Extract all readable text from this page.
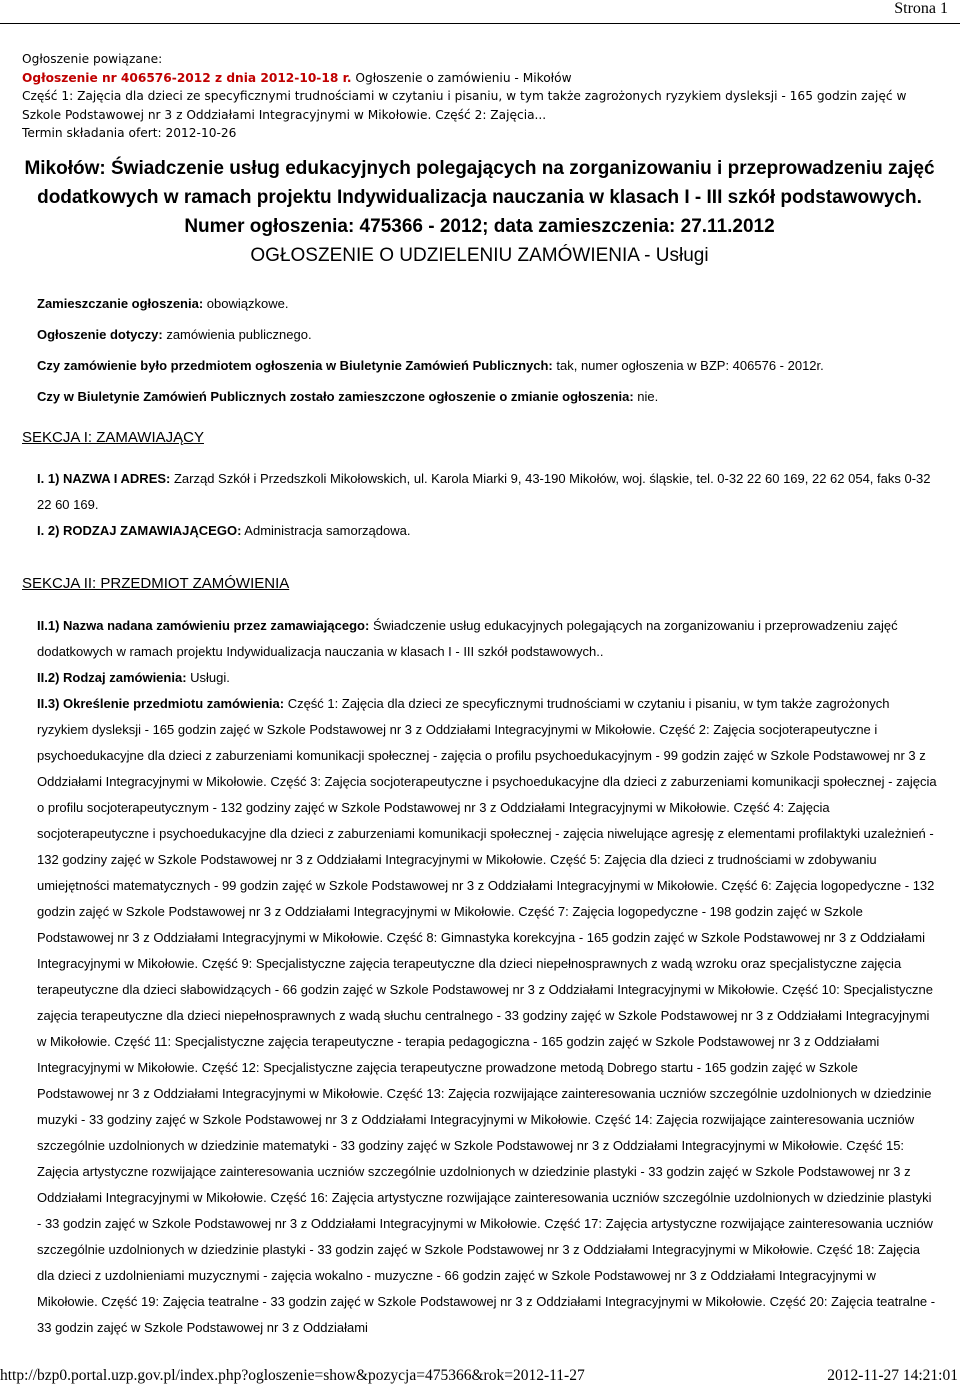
Strona 1
Ogłoszenie powiązane:
Ogłoszenie nr 406576-2012 z dnia 2012-10-18 r. Ogłoszenie o zamówieniu - Mikołów
Część 1: Zajęcia dla dzieci ze specyficznymi trudnościami w czytaniu i pisaniu, w tym także zagrożonych ryzykiem dysleksji - 165 godzin zajęć w Szkole Podstawowej nr 3 z Oddziałami Integracyjnymi w Mikołowie. Część 2: Zajęcia...
Termin składania ofert: 2012-10-26
Mikołów: Świadczenie usług edukacyjnych polegających na zorganizowaniu i przeprowadzeniu zajęć dodatkowych w ramach projektu Indywidualizacja nauczania w klasach I - III szkół podstawowych.
Numer ogłoszenia: 475366 - 2012; data zamieszczenia: 27.11.2012
OGŁOSZENIE O UDZIELENIU ZAMÓWIENIA - Usługi

Zamieszczanie ogłoszenia: obowiązkowe.

Ogłoszenie dotyczy: zamówienia publicznego.

Czy zamówienie było przedmiotem ogłoszenia w Biuletynie Zamówień Publicznych: tak, numer ogłoszenia w BZP: 406576 - 2012r.

Czy w Biuletynie Zamówień Publicznych zostało zamieszczone ogłoszenie o zmianie ogłoszenia: nie.

SEKCJA I: ZAMAWIAJĄCY

I. 1) NAZWA I ADRES: Zarząd Szkół i Przedszkoli Mikołowskich, ul. Karola Miarki 9, 43-190 Mikołów, woj. śląskie, tel. 0-32 22 60 169, 22 62 054, faks 0-32 22 60 169.

I. 2) RODZAJ ZAMAWIAJĄCEGO: Administracja samorządowa.

SEKCJA II: PRZEDMIOT ZAMÓWIENIA

II.1) Nazwa nadana zamówieniu przez zamawiającego: Świadczenie usług edukacyjnych polegających na zorganizowaniu i przeprowadzeniu zajęć dodatkowych w ramach projektu Indywidualizacja nauczania w klasach I - III szkół podstawowych..

II.2) Rodzaj zamówienia: Usługi.

II.3) Określenie przedmiotu zamówienia: Część 1: Zajęcia dla dzieci ze specyficznymi trudnościami w czytaniu i pisaniu, w tym także zagrożonych ryzykiem dysleksji - 165 godzin zajęć w Szkole Podstawowej nr 3 z Oddziałami Integracyjnymi w Mikołowie. Część 2: Zajęcia socjoterapeutyczne i psychoedukacyjne dla dzieci z zaburzeniami komunikacji społecznej - zajęcia o profilu psychoedukacyjnym - 99 godzin zajęć w Szkole Podstawowej nr 3 z Oddziałami Integracyjnymi w Mikołowie. Część 3: Zajęcia socjoterapeutyczne i psychoedukacyjne dla dzieci z zaburzeniami komunikacji społecznej - zajęcia o profilu socjoterapeutycznym - 132 godziny zajęć w Szkole Podstawowej nr 3 z Oddziałami Integracyjnymi w Mikołowie. Część 4: Zajęcia socjoterapeutyczne i psychoedukacyjne dla dzieci z zaburzeniami komunikacji społecznej - zajęcia niwelujące agresję z elementami profilaktyki uzależnień - 132 godziny zajęć w Szkole Podstawowej nr 3 z Oddziałami Integracyjnymi w Mikołowie. Część 5: Zajęcia dla dzieci z trudnościami w zdobywaniu umiejętności matematycznych - 99 godzin zajęć w Szkole Podstawowej nr 3 z Oddziałami Integracyjnymi w Mikołowie. Część 6: Zajęcia logopedyczne - 132 godzin zajęć w Szkole Podstawowej nr 3 z Oddziałami Integracyjnymi w Mikołowie. Część 7: Zajęcia logopedyczne - 198 godzin zajęć w Szkole Podstawowej nr 3 z Oddziałami Integracyjnymi w Mikołowie. Część 8: Gimnastyka korekcyjna - 165 godzin zajęć w Szkole Podstawowej nr 3 z Oddziałami Integracyjnymi w Mikołowie. Część 9: Specjalistyczne zajęcia terapeutyczne dla dzieci niepełnosprawnych z wadą wzroku oraz specjalistyczne zajęcia terapeutyczne dla dzieci słabowidzących - 66 godzin zajęć w Szkole Podstawowej nr 3 z Oddziałami Integracyjnymi w Mikołowie. Część 10: Specjalistyczne zajęcia terapeutyczne dla dzieci niepełnosprawnych z wadą słuchu centralnego - 33 godziny zajęć w Szkole Podstawowej nr 3 z Oddziałami Integracyjnymi w Mikołowie. Część 11: Specjalistyczne zajęcia terapeutyczne - terapia pedagogiczna - 165 godzin zajęć w Szkole Podstawowej nr 3 z Oddziałami Integracyjnymi w Mikołowie. Część 12: Specjalistyczne zajęcia terapeutyczne prowadzone metodą Dobrego startu - 165 godzin zajęć w Szkole Podstawowej nr 3 z Oddziałami Integracyjnymi w Mikołowie. Część 13: Zajęcia rozwijające zainteresowania uczniów szczególnie uzdolnionych w dziedzinie muzyki - 33 godziny zajęć w Szkole Podstawowej nr 3 z Oddziałami Integracyjnymi w Mikołowie. Część 14: Zajęcia rozwijające zainteresowania uczniów szczególnie uzdolnionych w dziedzinie matematyki - 33 godziny zajęć w Szkole Podstawowej nr 3 z Oddziałami Integracyjnymi w Mikołowie. Część 15: Zajęcia artystyczne rozwijające zainteresowania uczniów szczególnie uzdolnionych w dziedzinie plastyki - 33 godzin zajęć w Szkole Podstawowej nr 3 z Oddziałami Integracyjnymi w Mikołowie. Część 16: Zajęcia artystyczne rozwijające zainteresowania uczniów szczególnie uzdolnionych w dziedzinie plastyki - 33 godzin zajęć w Szkole Podstawowej nr 3 z Oddziałami Integracyjnymi w Mikołowie. Część 17: Zajęcia artystyczne rozwijające zainteresowania uczniów szczególnie uzdolnionych w dziedzinie plastyki - 33 godzin zajęć w Szkole Podstawowej nr 3 z Oddziałami Integracyjnymi w Mikołowie. Część 18: Zajęcia dla dzieci z uzdolnieniami muzycznymi - zajęcia wokalno - muzyczne - 66 godzin zajęć w Szkole Podstawowej nr 3 z Oddziałami Integracyjnymi w Mikołowie. Część 19: Zajęcia teatralne - 33 godzin zajęć w Szkole Podstawowej nr 3 z Oddziałami Integracyjnymi w Mikołowie. Część 20: Zajęcia teatralne - 33 godzin zajęć w Szkole Podstawowej nr 3 z Oddziałami

http://bzp0.portal.uzp.gov.pl/index.php?ogloszenie=show&pozycja=475366&rok=2012-11-27	2012-11-27 14:21:01
